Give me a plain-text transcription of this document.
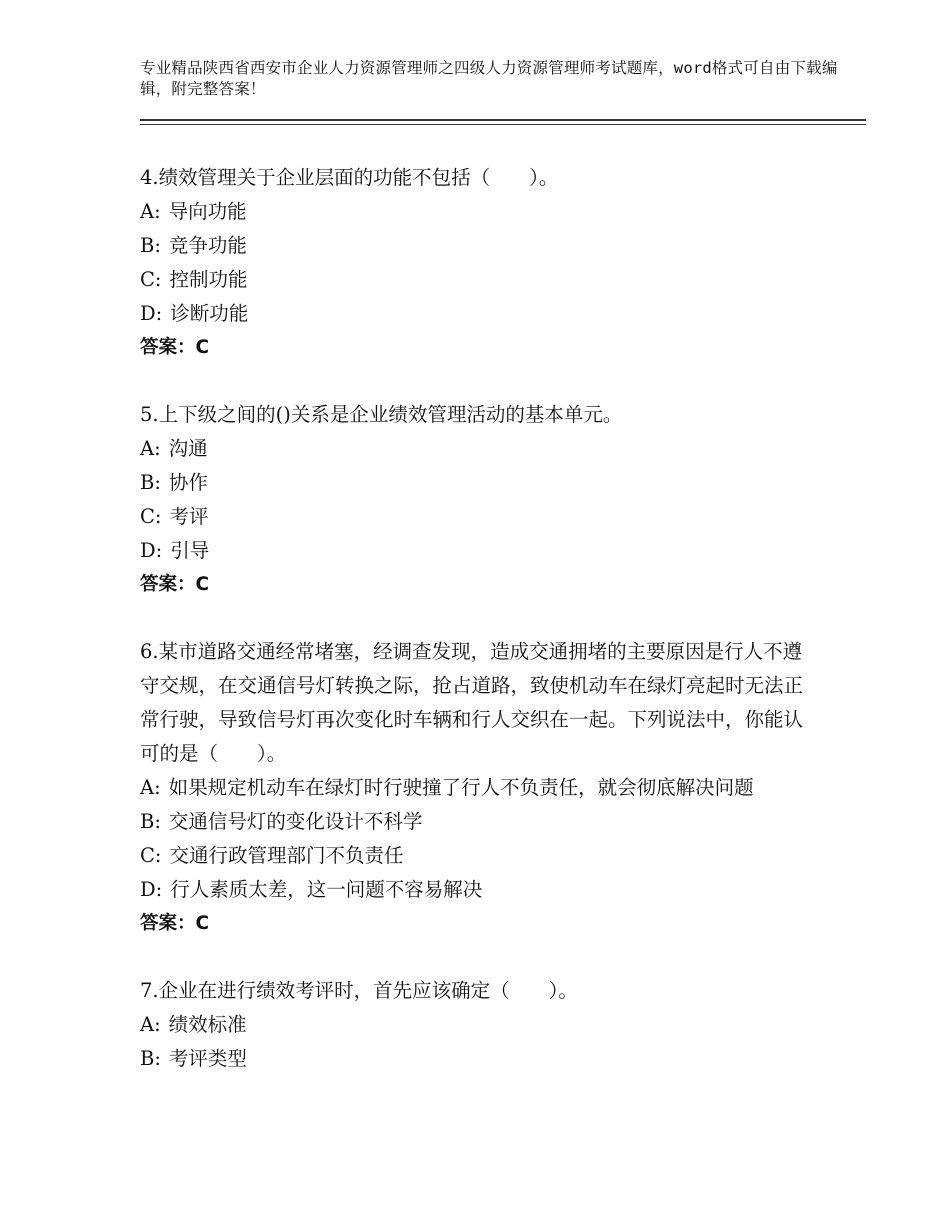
专业精品陕西省西安市企业人力资源管理师之四级人力资源管理师考试题库，word格式可自由下载编辑，附完整答案！
4.绩效管理关于企业层面的功能不包括（　　）。
A: 导向功能
B: 竞争功能
C: 控制功能
D: 诊断功能
答案：C
5.上下级之间的()关系是企业绩效管理活动的基本单元。
A: 沟通
B: 协作
C: 考评
D: 引导
答案：C
6.某市道路交通经常堵塞，经调查发现，造成交通拥堵的主要原因是行人不遵守交规，在交通信号灯转换之际，抢占道路，致使机动车在绿灯亮起时无法正常行驶，导致信号灯再次变化时车辆和行人交织在一起。下列说法中，你能认可的是（　　）。
A: 如果规定机动车在绿灯时行驶撞了行人不负责任，就会彻底解决问题
B: 交通信号灯的变化设计不科学
C: 交通行政管理部门不负责任
D: 行人素质太差，这一问题不容易解决
答案：C
7.企业在进行绩效考评时，首先应该确定（　　）。
A: 绩效标准
B: 考评类型
